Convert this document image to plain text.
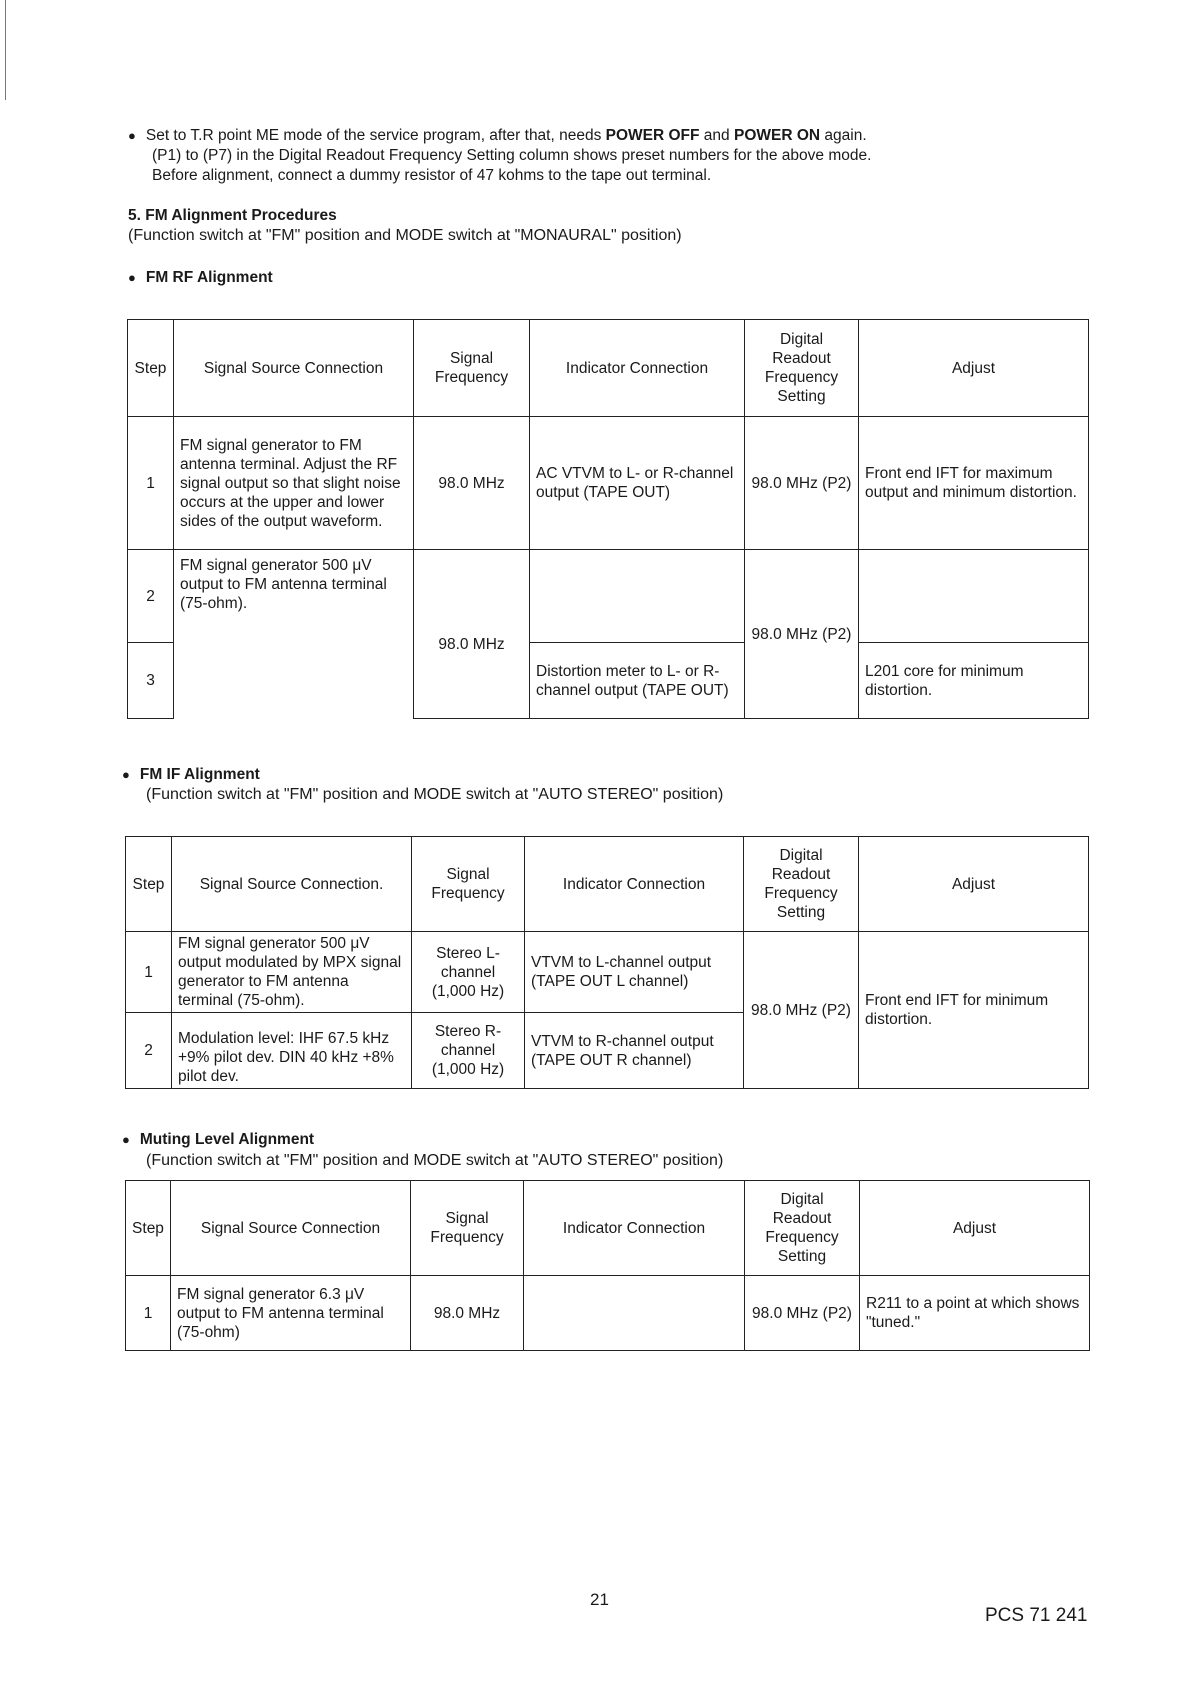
● Set to T.R point ME mode of the service program, after that, needs POWER OFF and POWER ON again.
(P1) to (P7) in the Digital Readout Frequency Setting column shows preset numbers for the above mode.
Before alignment, connect a dummy resistor of 47 kohms to the tape out terminal.
5. FM Alignment Procedures
(Function switch at "FM" position and MODE switch at "MONAURAL" position)
● FM RF Alignment
Step	Signal Source Connection	Signal Frequency	Indicator Connection	Digital Readout Frequency Setting	Adjust
1	FM signal generator to FM antenna terminal. Adjust the RF signal output so that slight noise occurs at the upper and lower sides of the output waveform.	98.0 MHz	AC VTVM to L- or R-channel output (TAPE OUT)	98.0 MHz (P2)	Front end IFT for maximum output and minimum distortion.
2	FM signal generator 500 μV output to FM antenna terminal (75-ohm).	98.0 MHz		98.0 MHz (P2)	
3			Distortion meter to L- or R-channel output (TAPE OUT)		L201 core for minimum distortion.
● FM IF Alignment
(Function switch at "FM" position and MODE switch at "AUTO STEREO" position)
Step	Signal Source Connection.	Signal Frequency	Indicator Connection	Digital Readout Frequency Setting	Adjust
1	FM signal generator 500 μV output modulated by MPX signal generator to FM antenna terminal (75-ohm).	Stereo L-channel (1,000 Hz)	VTVM to L-channel output (TAPE OUT L channel)	98.0 MHz (P2)	Front end IFT for minimum distortion.
2	Modulation level: IHF 67.5 kHz +9% pilot dev. DIN 40 kHz +8% pilot dev.	Stereo R-channel (1,000 Hz)	VTVM to R-channel output (TAPE OUT R channel)		
● Muting Level Alignment
(Function switch at "FM" position and MODE switch at "AUTO STEREO" position)
Step	Signal Source Connection	Signal Frequency	Indicator Connection	Digital Readout Frequency Setting	Adjust
1	FM signal generator 6.3 μV output to FM antenna terminal (75-ohm)	98.0 MHz		98.0 MHz (P2)	R211 to a point at which shows "tuned."
21
PCS 71 241
